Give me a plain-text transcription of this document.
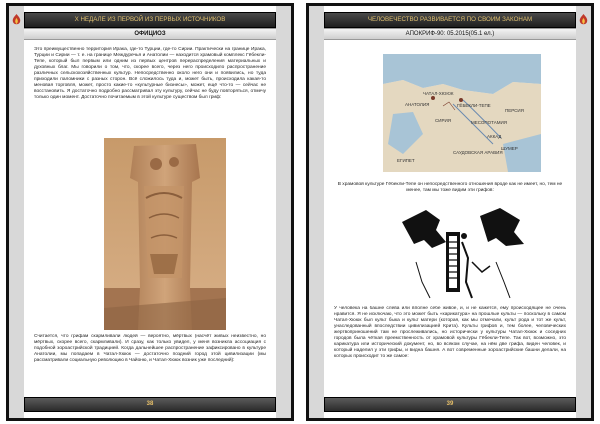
Х НЕДАЛЕ ИЗ ПЕРВОЙ ИЗ ПЕРВЫХ ИСТОЧНИКОВ
ОФИЦИОЗ
Это преимущественно территория Ирака, где-то Турции, где-то Сирии. Практически на границе Ирака, Турции и Сирии — т. е. на границе Междуречья и Анатолии — находится храмовый комплекс Гёбекли-Тепе, который был первым или одним из первых центров перераспределения материальных и духовных благ. Мы говорили о том, что, скорее всего, через него происходило распространение различных сельскохозяйственных культур. Непосредственно около него они и появились, но туда приходили паломники с разных сторон. Всё сложилось туда и, может быть, происходила какая-то меновая торговля, может, просто какие-то «культурные бизнесы», может, ещё что-то — сейчас не восстановить. Я достаточно подробно рассматривал эту культуру, сейчас не буду повторяться, отмечу только один момент. Достаточно почитаемым в этой культуре существом был гриф:
Считается, что грифам скармливали людей — вероятно, мёртвых (насчёт живых неизвестно, но мёртвых, скорее всего, скармливали). И сразу, как только увидел, у меня возникла ассоциация с подобной зороастрийской традицией. Когда дальнейшее распространение зафиксировано в культуре Анатолии, мы попадаем в Чатал-Хююк — достаточно поздний город этой цивилизации (мы рассматривали социальную революцию в Чайоню, и Чатал-Хююк возник уже последний):
38
ЧЕЛОВЕЧЕСТВО РАЗВИВАЕТСЯ ПО СВОИМ ЗАКОНАМ
АПОКРИФ-90: 05.2015(05.1 ел.)
ЧАТАЛ-ХЮЮК
АНАТОЛИЯ	ГЁБЕКЛИ-ТЕПЕ
МЕСОПОТАМИЯ
СИРИЯ
АККАД
ШУМЕР
САУДОВСКАЯ АРАВИЯ
ЕГИПЕТ
ПЕРСИЯ
В храмовой культуре Гёбекли-Тепе он непосредственного отношения вроде как не имеет, но, тем не менее, там мы тоже видим эти грифов:
У человека на башне слева или вполне себе живое, и, и не кажется, ему происходящее не очень нравится. Я не исключаю, что это может быть «карикатура» на прошлые культы — поскольку в самом Чатал-Хююк был культ быка и культ матери (которая, как мы отмечали, культ рода и тот же культ, унаследованный впоследствии цивилизацией Крита). Культы грифов и, тем более, человеческих жертвоприношений там не прослеживались, но исторически у культуры Чатал-Хююк и соседних городов была чёткая преемственность от храмовой культуры Гёбекли-Тепе. Так вот, возможно, это карикатура или исторический документ, но, во всяком случае, на нём две грифа, виден человек, и который наделил у эти грифы, и видна башня. А вот современные зороастрийские башни делали, на которых происходит то же самое:
39
